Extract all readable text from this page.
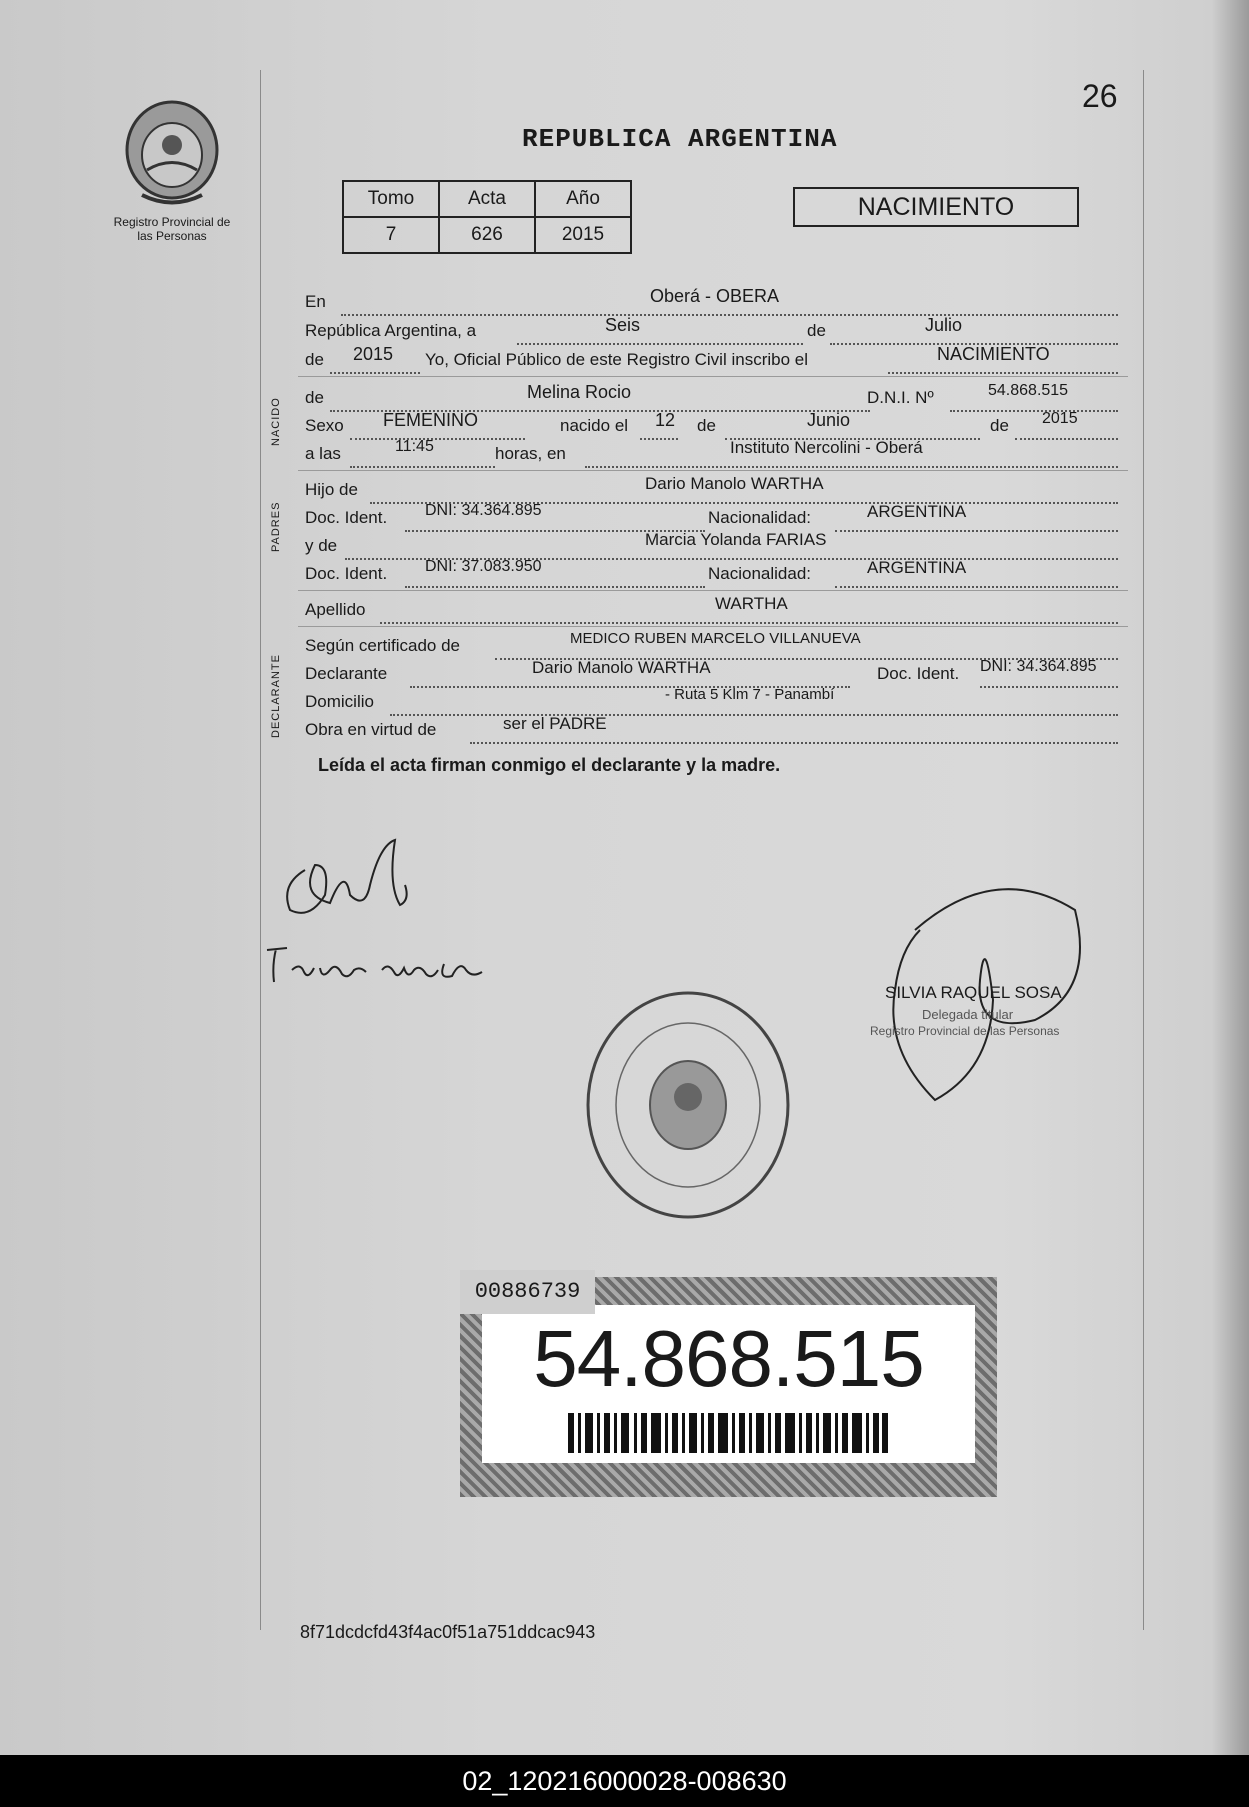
26
Registro Provincial de las Personas
REPUBLICA ARGENTINA
Tomo	Acta	Año
7	626	2015
NACIMIENTO
En	Oberá - OBERA
República Argentina, a	Seis	de	Julio
de 2015 Yo, Oficial Público de este Registro Civil inscribo el	NACIMIENTO
NACIDO de	Melina Rocio	D.N.I. Nº	54.868.515
Sexo FEMENINO	nacido el 12 de	Junio	de 2015
a las	11:45	horas, en	Instituto Nercolini - Oberá
PADRES
Hijo de	Dario Manolo WARTHA
Doc. Ident. DNI: 34.364.895	Nacionalidad:	ARGENTINA
y de	Marcia Yolanda FARIAS
Doc. Ident. DNI: 37.083.950	Nacionalidad:	ARGENTINA
Apellido	WARTHA
DECLARANTE
Según certificado de	MEDICO RUBEN MARCELO VILLANUEVA
Declarante	Dario Manolo WARTHA	Doc. Ident. DNI: 34.364.895
Domicilio	- Ruta 5 Klm 7 - Panambí
Obra en virtud de	ser el PADRE
Leída el acta firman conmigo el declarante y la madre.
SILVIA RAQUEL SOSA
Delegada titular
Registro Provincial de las Personas
54.868.515
00886739
8f71dcdcfd43f4ac0f51a751ddcac943
02_120216000028-008630
